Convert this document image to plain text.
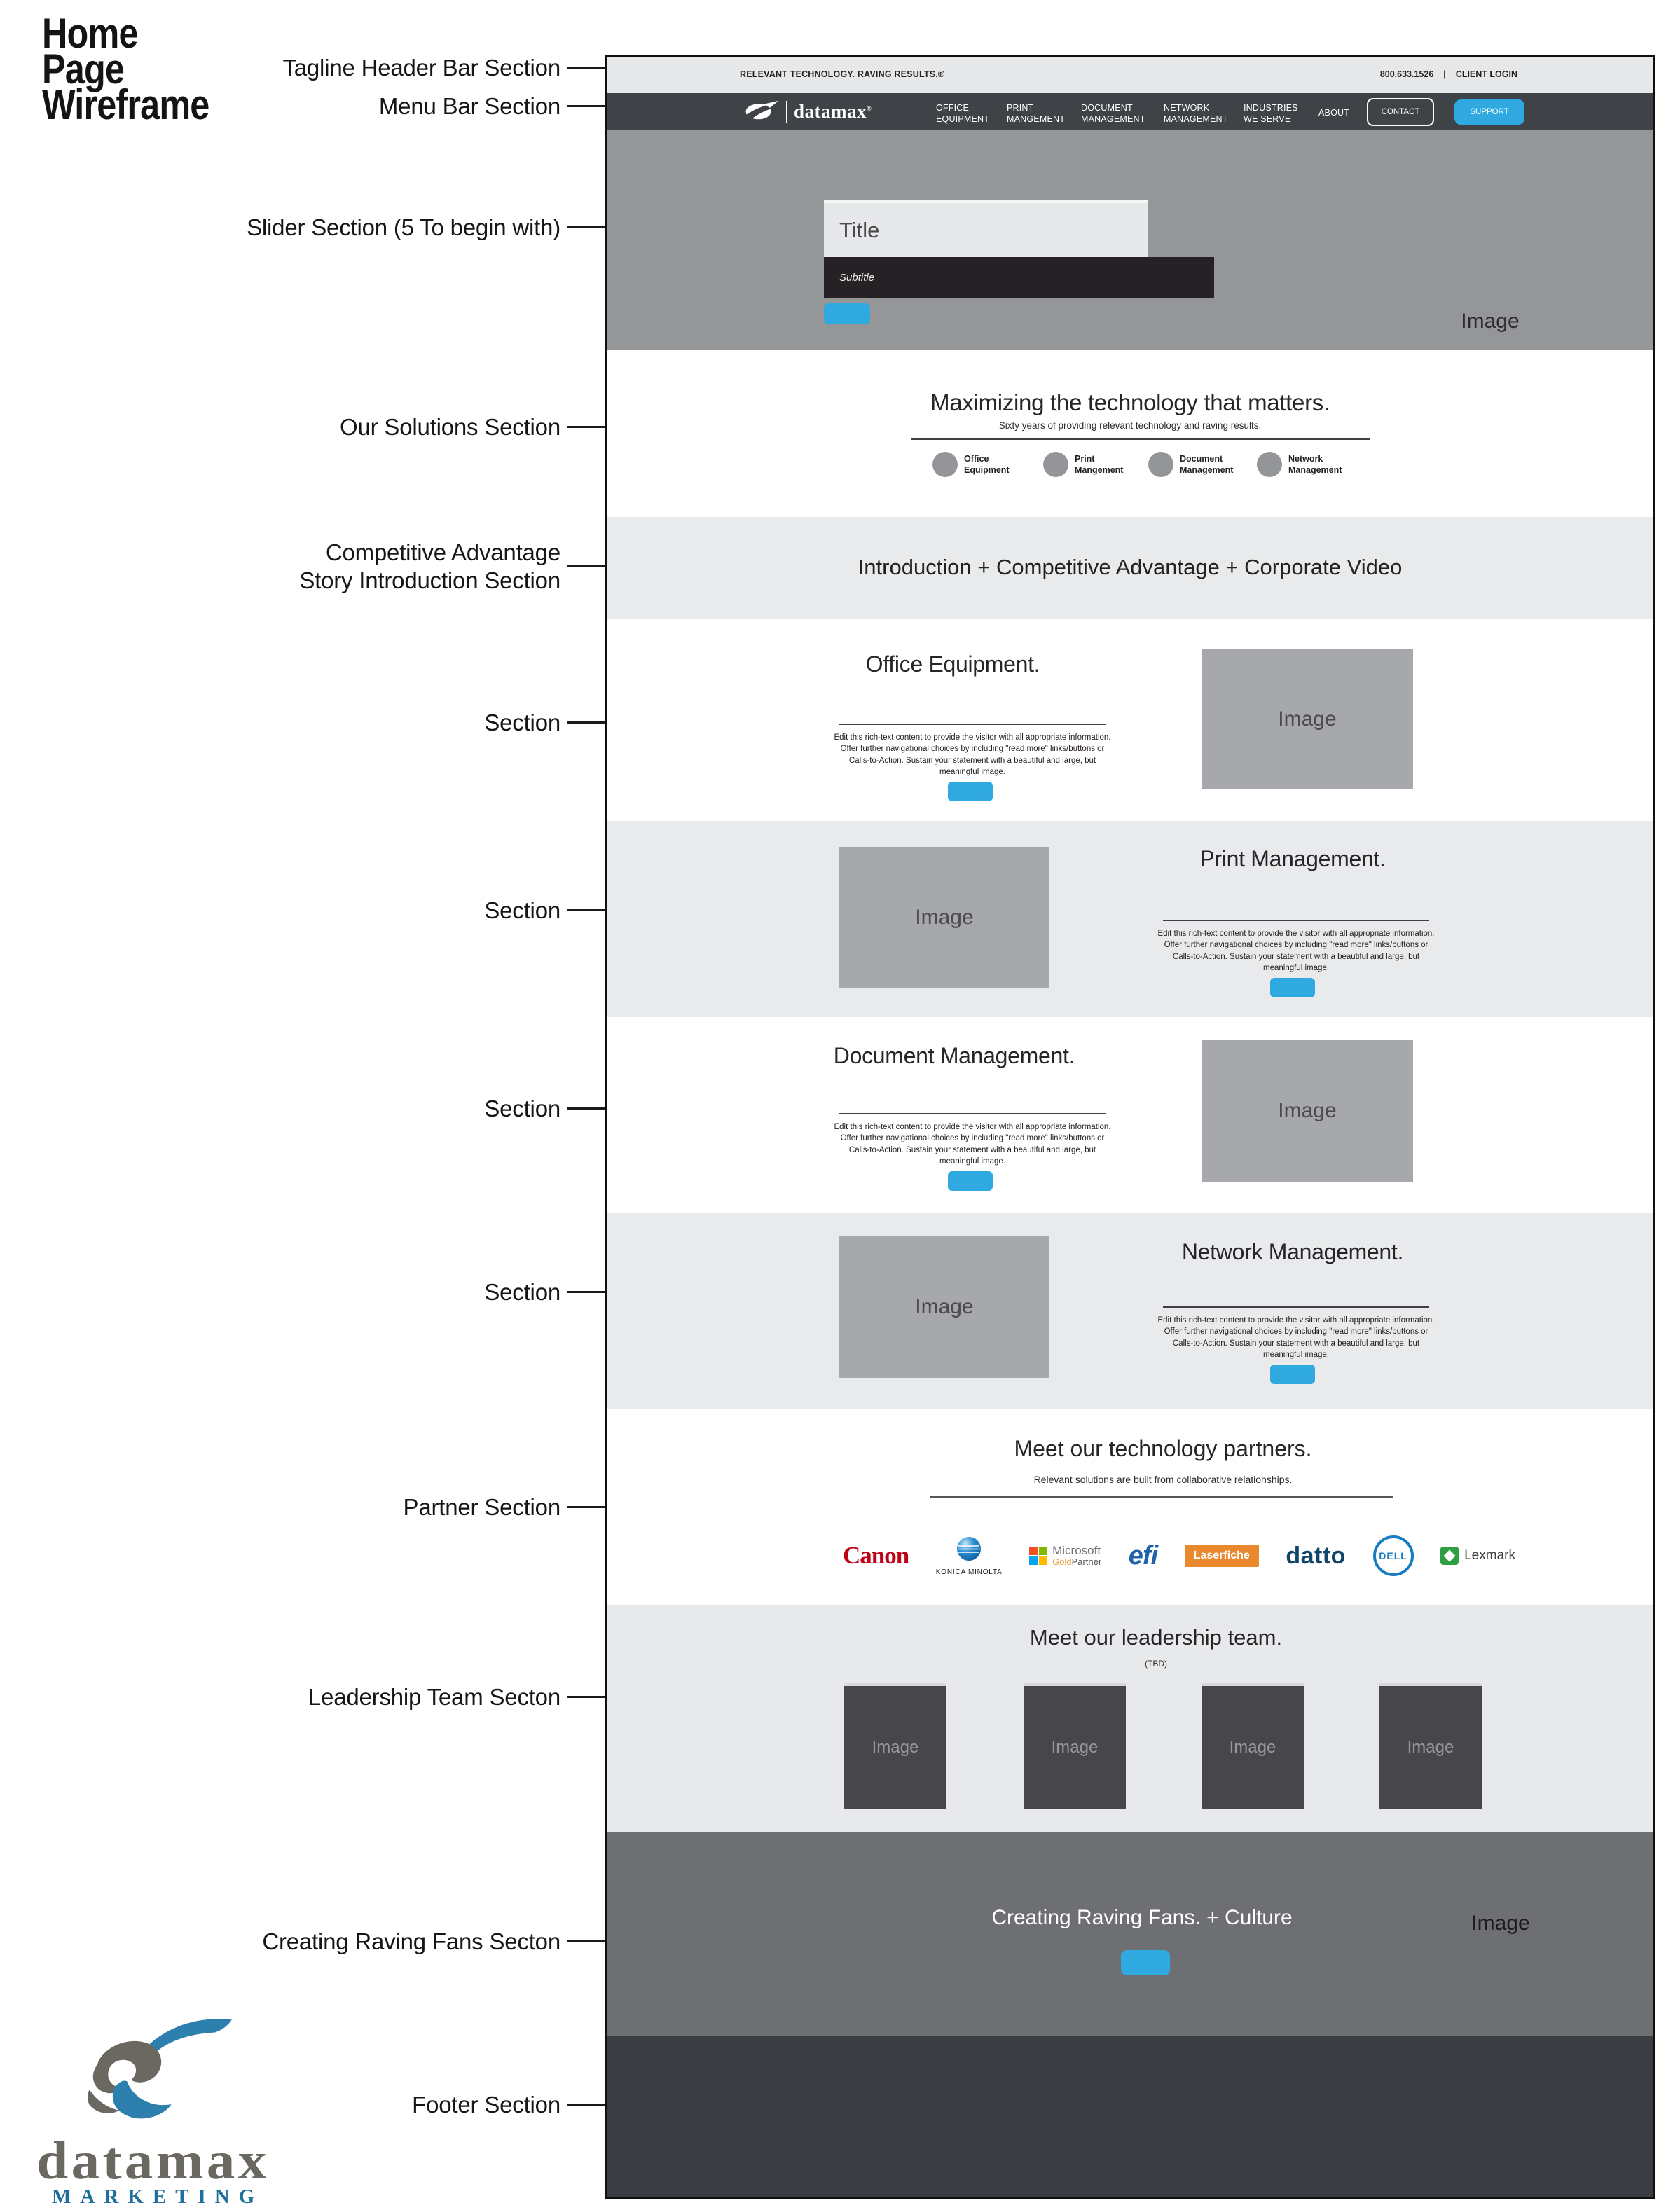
Home
Page
Wireframe
Tagline Header Bar Section
Menu Bar Section
Slider Section (5 To begin with)
Our Solutions Section
Competitive Advantage
Story Introduction Section
Section
Section
Section
Section
Partner Section
Leadership Team Secton
Creating Raving Fans Secton
Footer Section
RELEVANT TECHNOLOGY. RAVING RESULTS.®	800.633.1526 | CLIENT LOGIN
datamax®	OFFICE
EQUIPMENT
PRINT
MANGEMENT
DOCUMENT
MANAGEMENT
NETWORK
MANAGEMENT
INDUSTRIES
WE SERVE
ABOUT	CONTACT	SUPPORT
Title
Subtitle
Image
Maximizing the technology that matters.
Sixty years of providing relevant technology and raving results.
Office
Equipment
Print
Mangement
Document
Management
Network
Management
Introduction + Competitive Advantage + Corporate Video
Office Equipment.
Edit this rich-text content to provide the visitor with all appropriate information. Offer further navigational choices by including "read more" links/buttons or Calls-to-Action. Sustain your statement with a beautiful and large, but meaningful image.
Image
Image
Print Management.
Edit this rich-text content to provide the visitor with all appropriate information. Offer further navigational choices by including "read more" links/buttons or Calls-to-Action. Sustain your statement with a beautiful and large, but meaningful image.
Document Management.
Edit this rich-text content to provide the visitor with all appropriate information. Offer further navigational choices by including "read more" links/buttons or Calls-to-Action. Sustain your statement with a beautiful and large, but meaningful image.
Image
Image
Network Management.
Edit this rich-text content to provide the visitor with all appropriate information. Offer further navigational choices by including "read more" links/buttons or Calls-to-Action. Sustain your statement with a beautiful and large, but meaningful image.
Meet our technology partners.
Relevant solutions are built from collaborative relationships.
Canon
KONICA MINOLTA
Microsoft
GoldPartner efi	Laserfiche	datto	DELL	Lexmark
Meet our leadership team.
(TBD)
Image	Image	Image	Image
Creating Raving Fans. + Culture	Image
datamax
MARKETING
